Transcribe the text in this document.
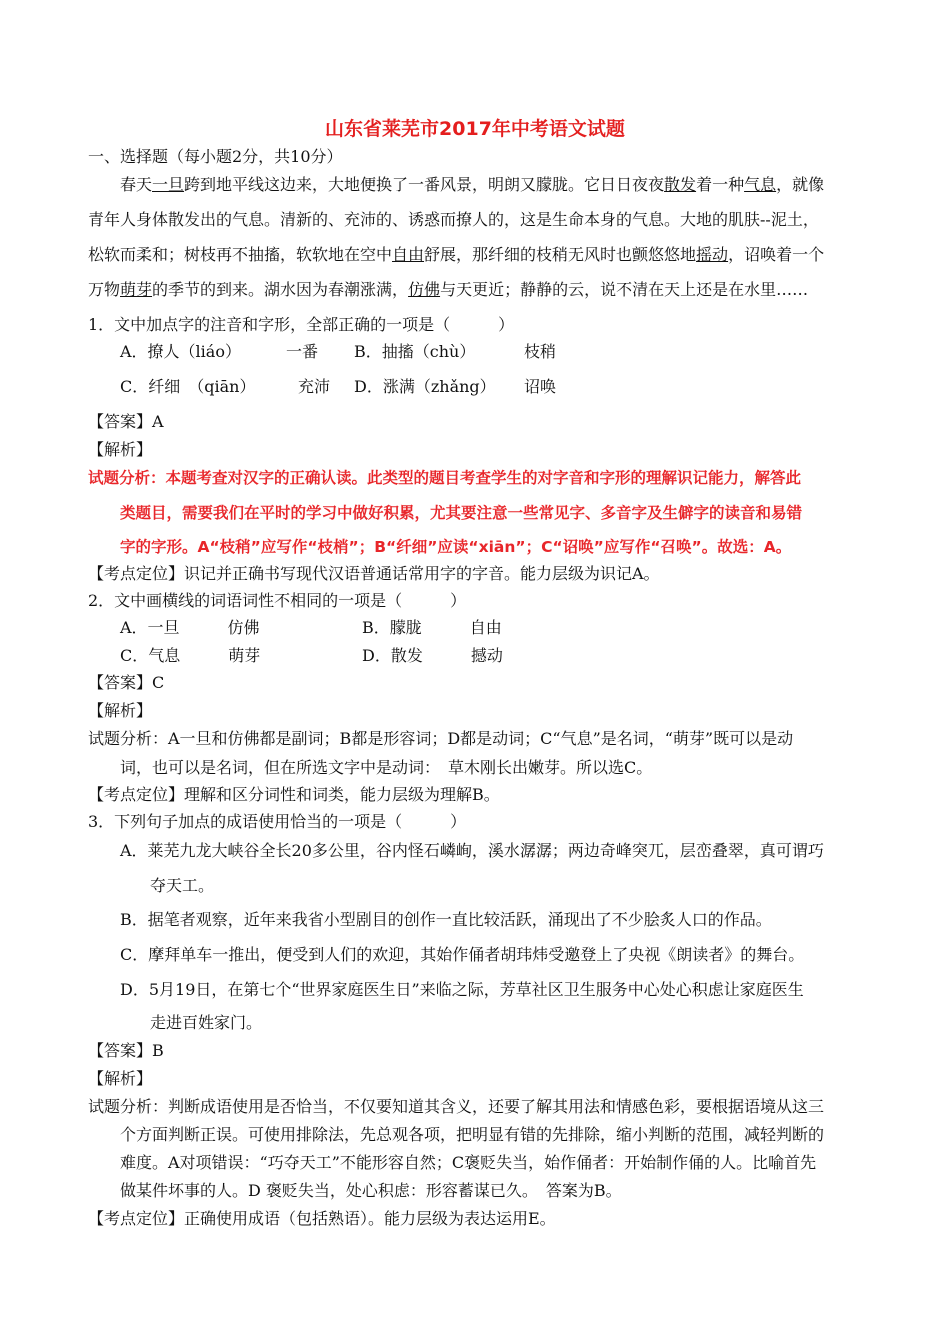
山东省莱芜市2017年中考语文试题
一、选择题（每小题2分，共10分）
春天一旦跨到地平线这边来，大地便换了一番风景，明朗又朦胧。它日日夜夜散发着一种气息，就像
青年人身体散发出的气息。清新的、充沛的、诱惑而撩人的，这是生命本身的气息。大地的肌肤--泥土，
松软而柔和；树枝再不抽搐，软软地在空中自由舒展，那纤细的枝稍无风时也颤悠悠地摇动，诏唤着一个
万物萌芽的季节的到来。湖水因为春潮涨满，仿佛与天更近；静静的云，说不清在天上还是在水里……
1．文中加点字的注音和字形，全部正确的一项是（　　　）
A．撩人（liáo）	一番 B．抽搐（chù）	枝稍
C．纤细　（qiān）	充沛 D．涨满（zhǎng） 诏唤
【答案】A
【解析】
试题分析：本题考查对汉字的正确认读。此类型的题目考查学生的对字音和字形的理解识记能力，解答此
类题目，需要我们在平时的学习中做好积累，尤其要注意一些常见字、多音字及生僻字的读音和易错
字的字形。A“枝稍”应写作“枝梢”；B“纤细”应读“xiān”；C“诏唤”应写作“召唤”。故选：A。
【考点定位】识记并正确书写现代汉语普通话常用字的字音。能力层级为识记A。
2．文中画横线的词语词性不相同的一项是（　　　）
A．一旦　　　仿佛	B．朦胧　　　自由
C．气息　　　萌芽	D．散发　　　撼动
【答案】C
【解析】
试题分析：A一旦和仿佛都是副词；B都是形容词；D都是动词；C“气息”是名词，“萌芽”既可以是动
词，也可以是名词，但在所选文字中是动词：　草木刚长出嫩芽。所以选C。
【考点定位】理解和区分词性和词类，能力层级为理解B。
3．下列句子加点的成语使用恰当的一项是（　　　）
A．莱芜九龙大峡谷全长20多公里，谷内怪石嶙峋，溪水潺潺；两边奇峰突兀，层峦叠翠，真可谓巧
夺天工。
B．据笔者观察，近年来我省小型剧目的创作一直比较活跃，涌现出了不少脍炙人口的作品。
C．摩拜单车一推出，便受到人们的欢迎，其始作俑者胡玮炜受邀登上了央视《朗读者》的舞台。
D．5月19日，在第七个“世界家庭医生日”来临之际，芳草社区卫生服务中心处心积虑让家庭医生
走进百姓家门。
【答案】B
【解析】
试题分析：判断成语使用是否恰当，不仅要知道其含义，还要了解其用法和情感色彩，要根据语境从这三
个方面判断正误。可使用排除法，先总观各项，把明显有错的先排除，缩小判断的范围，减轻判断的
难度。A对项错误：“巧夺天工”不能形容自然；C褒贬失当，始作俑者：开始制作俑的人。比喻首先
做某件坏事的人。D 褒贬失当，处心积虑：形容蓄谋已久。　答案为B。
【考点定位】正确使用成语（包括熟语）。能力层级为表达运用E。
